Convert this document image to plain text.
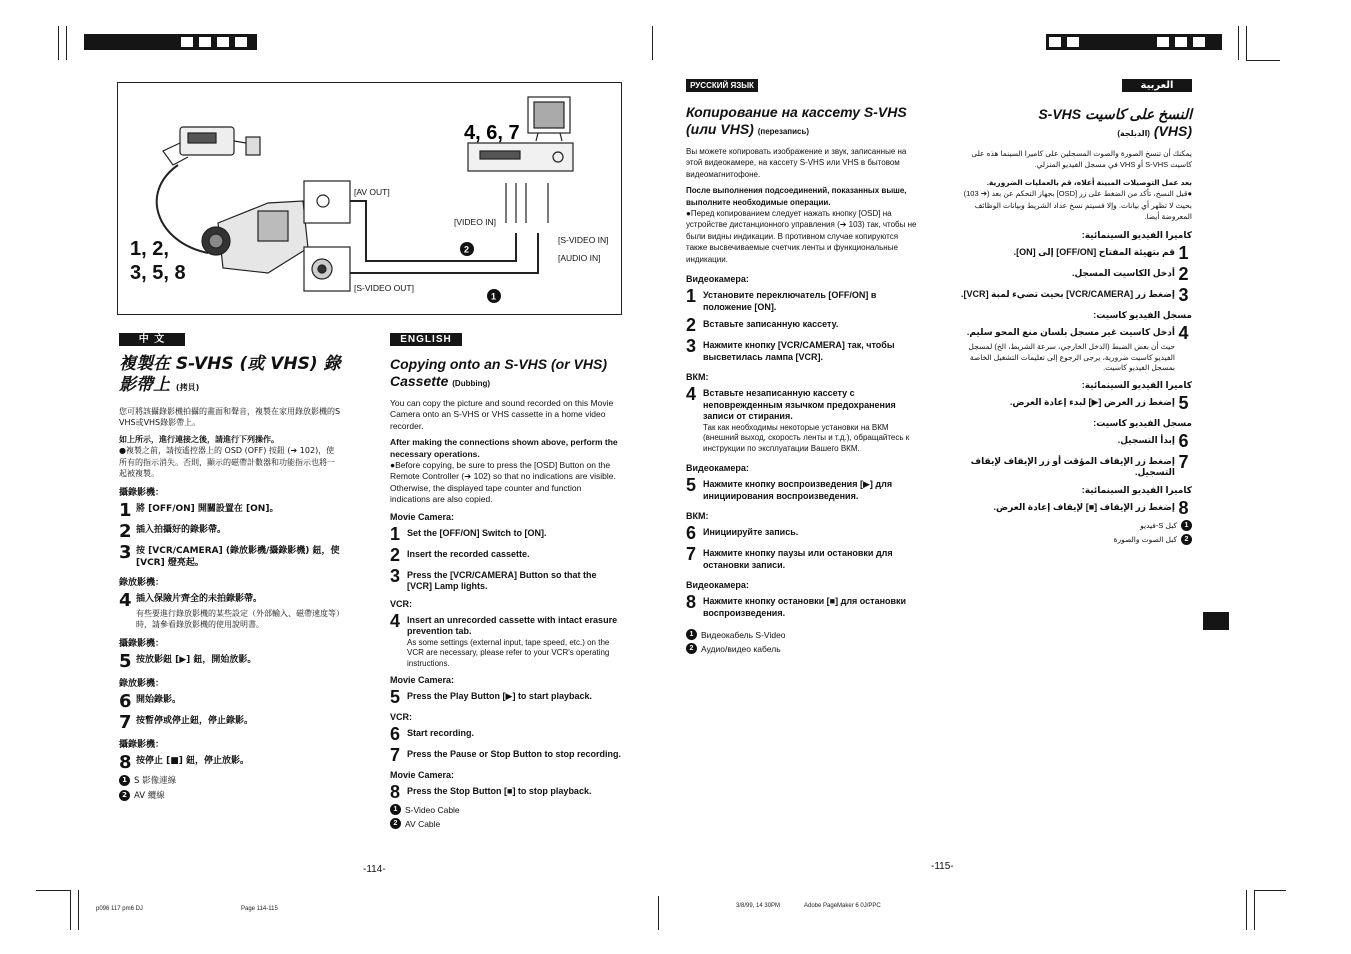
[AV OUT]
[VIDEO IN]
[S-VIDEO IN]
[AUDIO IN]
[S-VIDEO OUT]
4, 6, 7
2
1
1, 2,
3, 5, 8
中 文
複製在 S-VHS (或 VHS) 錄影帶上 (拷貝)
您可將該攝錄影機拍攝的畫面和聲音，複製在家用錄放影機的S VHS或VHS錄影帶上。
如上所示，進行連接之後，請進行下列操作。
●複製之前，請按遙控器上的 OSD (OFF) 按鈕 (➔ 102)，使所有的指示消失。否則，顯示的磁帶計數器和功能指示也將一起被複製。
攝錄影機：
1 將 [OFF/ON] 開關設置在 [ON]。
2 插入拍攝好的錄影帶。
3 按 [VCR/CAMERA] (錄放影機/攝錄影機) 鈕，使 [VCR] 燈亮起。
錄放影機：
4 插入保險片齊全的未拍錄影帶。
有些要進行錄放影機的某些設定（外部輸入、磁帶速度等）時，請參看錄放影機的使用說明書。
攝錄影機：
5 按放影鈕 [▶] 鈕，開始放影。
錄放影機：
6 開始錄影。
7 按暫停或停止鈕，停止錄影。
攝錄影機：
8 按停止 [■] 鈕，停止放影。
1 S 影像連線
2 AV 纜線
ENGLISH
Copying onto an S-VHS (or VHS) Cassette (Dubbing)
You can copy the picture and sound recorded on this Movie Camera onto an S-VHS or VHS cassette in a home video recorder.
After making the connections shown above, perform the necessary operations.
●Before copying, be sure to press the [OSD] Button on the Remote Controller (➔ 102) so that no indications are visible. Otherwise, the displayed tape counter and function indications are also copied.
Movie Camera:
1 Set the [OFF/ON] Switch to [ON].
2 Insert the recorded cassette.
3 Press the [VCR/CAMERA] Button so that the [VCR] Lamp lights.
VCR:
4 Insert an unrecorded cassette with intact erasure prevention tab.
As some settings (external input, tape speed, etc.) on the VCR are necessary, please refer to your VCR's operating instructions.
Movie Camera:
5 Press the Play Button [▶] to start playback.
VCR:
6 Start recording.
7 Press the Pause or Stop Button to stop recording.
Movie Camera:
8 Press the Stop Button [■] to stop playback.
1 S-Video Cable
2 AV Cable
РУССКИЙ ЯЗЫК
Копирование на кассету S-VHS (или VHS) (перезапись)
Вы можете копировать изображение и звук, записанные на этой видеокамере, на кассету S-VHS или VHS в бытовом видеомагнитофоне.
После выполнения подсоединений, показанных выше, выполните необходимые операции.
●Перед копированием следует нажать кнопку [OSD] на устройстве дистанционного управления (➔ 103) так, чтобы не были видны индикации. В противном случае копируются также высвечиваемые счетчик ленты и функциональные индикации.
Видеокамера:
1 Установите переключатель [OFF/ON] в положение [ON].
2 Вставьте записанную кассету.
3 Нажмите кнопку [VCR/CAMERA] так, чтобы высветилась лампа [VCR].
ВКМ:
4 Вставьте незаписанную кассету с неповрежденным язычком предохранения записи от стирания.
Так как необходимы некоторые установки на ВКМ (внешний выход, скорость ленты и т.д.), обращайтесь к инструкции по эксплуатации Вашего ВКМ.
Видеокамера:
5 Нажмите кнопку воспроизведения [▶] для инициирования воспроизведения.
ВКМ:
6 Инициируйте запись.
7 Нажмите кнопку паузы или остановки для остановки записи.
Видеокамера:
8 Нажмите кнопку остановки [■] для остановки воспроизведения.
1 Видеокабель S-Video
2 Аудио/видео кабель
العربية
النسخ على كاسيت S-VHS
(VHS) (الدبلجة)
يمكنك أن تنسخ الصورة والصوت المسجلين على كاميرا السينما هذه على كاسيت S-VHS أو VHS في مسجل الفيديو المنزلي.
بعد عمل التوصيلات المبينة أعلاه، قم بالعمليات الضرورية.
●قبل النسخ، تأكد من الضغط على زر [OSD] بجهاز التحكم عن بعد (➔ 103) بحيث لا تظهر أي بيانات. وإلا فسيتم نسخ عداد الشريط وبيانات الوظائف المعروضة أيضا.
كاميرا الفيديو السينمائية:
1
قم بتهيئة المفتاح [OFF/ON] إلى [ON].
2
أدخل الكاسيت المسجل.
3
إضغط زر [VCR/CAMERA] بحيث تضيء لمبة [VCR].
مسجل الفيديو كاسيت:
4
أدخل كاسيت غير مسجل بلسان منع المحو سليم.
حيث أن بعض الضبط (الدخل الخارجي، سرعة الشريط، الخ) لمسجل الفيديو كاسيت ضرورية، يرجى الرجوع إلى تعليمات التشغيل الخاصة بمسجل الفيديو كاسيت.
كاميرا الفيديو السينمائية:
5
إضغط زر العرض [▶] لبدء إعادة العرض.
مسجل الفيديو كاسيت:
6
إبدأ التسجيل.
7
إضغط زر الإيقاف المؤقت أو زر الإيقاف لإيقاف التسجيل.
كاميرا الفيديو السينمائية:
8
إضغط زر الإيقاف [■] لإيقاف إعادة العرض.
1
كبل S-فيديو
2
كبل الصوت والصورة
-114-	-115-
p096 117 pm6 DJ	Page 114-115	3/8/99, 14 30PM	Adobe PageMaker 6 0J/PPC
